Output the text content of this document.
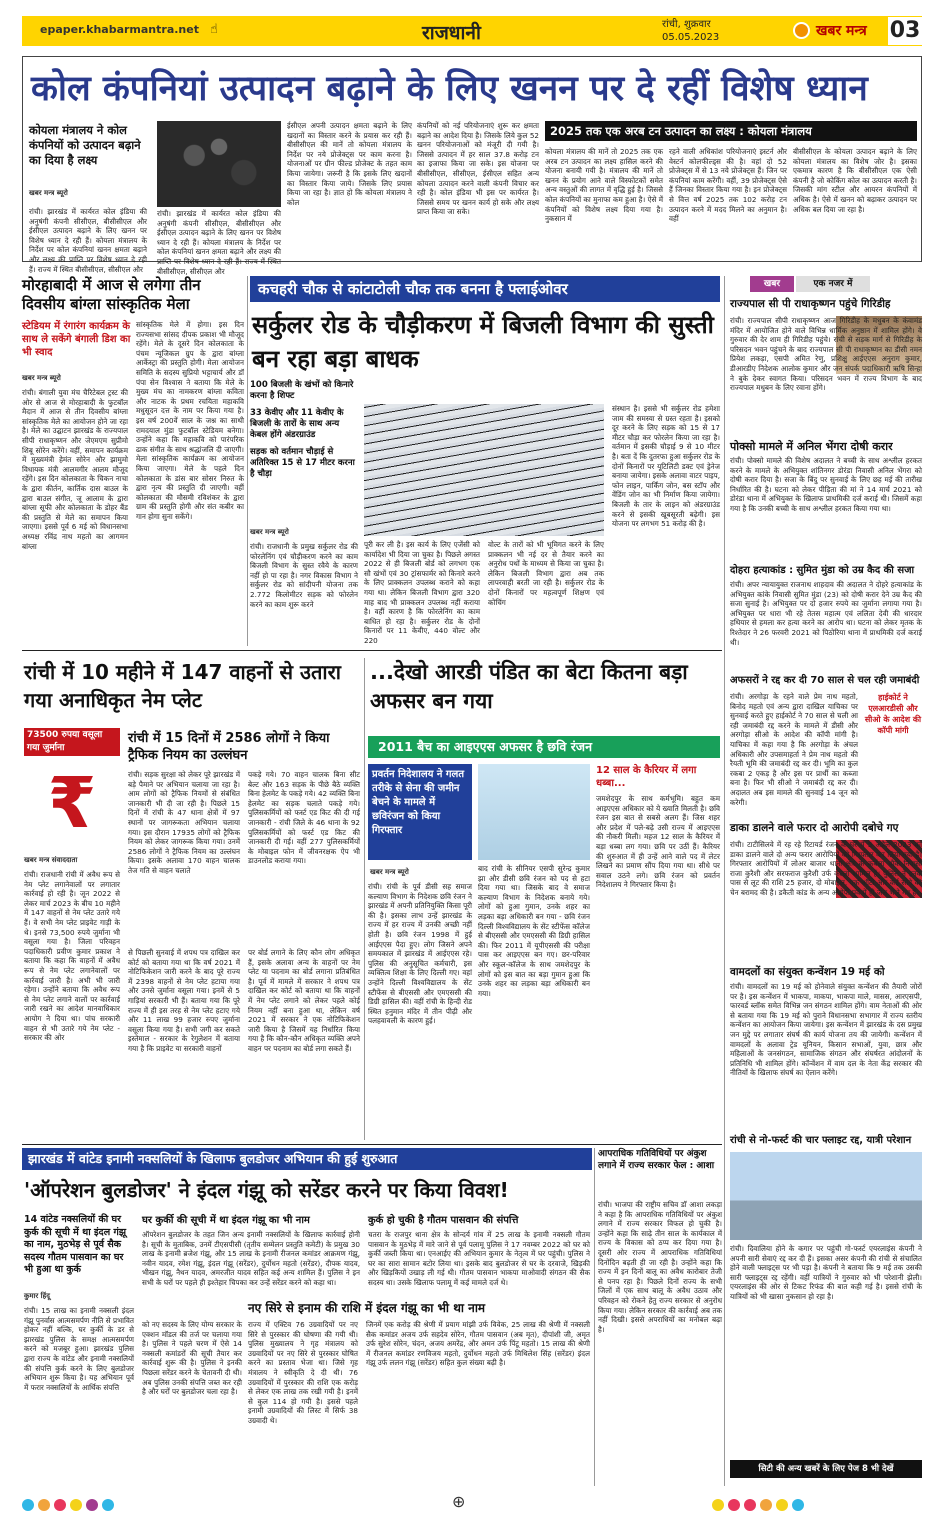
epaper.khabarmantra.net ☝	राजधानी	रांची, शुक्रवार
05.05.2023	खबर मन्त्र 03
कोल कंपनियां उत्पादन बढ़ाने के लिए खनन पर दे रहीं विशेष ध्यान
कोयला मंत्रालय ने कोल कंपनियों को उत्पादन बढ़ाने का दिया है लक्ष्य
खबर मन्त्र ब्यूरो
रांची। झारखंड में कार्यरत कोल इंडिया की अनुषंगी कंपनी सीसीएल, बीसीसीएल और ईसीएल उत्पादन बढ़ाने के लिए खनन पर विशेष ध्यान दे रही हैं। कोयला मंत्रालय के निर्देश पर कोल कंपनियां खनन क्षमता बढ़ाने और लक्ष्य की प्राप्ति पर विशेष ध्यान दे रही हैं। राज्य में स्थित बीसीसीएल, सीसीएल और
रांची। झारखंड में कार्यरत कोल इंडिया की अनुषंगी कंपनी सीसीएल, बीसीसीएल और ईसीएल उत्पादन बढ़ाने के लिए खनन पर विशेष ध्यान दे रही हैं। कोयला मंत्रालय के निर्देश पर कोल कंपनियां खनन क्षमता बढ़ाने और लक्ष्य की प्राप्ति पर विशेष ध्यान दे रही हैं। राज्य में स्थित बीसीसीएल, सीसीएल और
ईसीएल अपनी उत्पादन क्षमता बढ़ाने के लिए खदानों का विस्तार करने के प्रयास कर रही हैं। बीसीसीएल की मानें तो कोयला मंत्रालय के निर्देश पर नये प्रोजेक्ट्स पर काम करना है। योजनाओं पर ग्रीन फील्ड प्रोजेक्ट के तहत काम किया जायेगा। जरूरी है कि इसके लिए खदानों का विस्तार किया जाये। जिसके लिए प्रयास किया जा रहा है। ज्ञात हो कि कोयला मंत्रालय ने कोल
कंपनियों को नई परियोजनाएं शुरू कर क्षमता बढ़ाने का आदेश दिया है। जिसके लिये कुल 52 खनन परियोजनाओं को मंजूरी दी गयी है। जिससे उत्पादन में हर साल 37.8 करोड़ टन का इजाफा किया जा सके। इस योजना पर बीसीसीएल, सीसीएल, ईसीएल सहित अन्य कोयला उत्पादन करने वाली कंपनी विचार कर रही है। कोल इंडिया भी इस पर कार्यरत है। जिससे समय पर खनन कार्य हो सके और लक्ष्य प्राप्त किया जा सके।
2025 तक एक अरब टन उत्पादन का लक्ष्य : कोयला मंत्रालय
कोयला मंत्रालय की मानें तो 2025 तक एक अरब टन उत्पादन का लक्ष्य हासिल करने की योजना बनायी गयी है। मंत्रालय की मानें तो खनन के प्रयोग आने वाले विस्फोटकों समेत अन्य वस्तुओं की लागत में वृद्धि हुई है। जिससे कोल कंपनियों का मुनाफा कम हुआ है। ऐसे में कंपनियों को विशेष लक्ष्य दिया गया है। नुकसान में
रहने वाली अधिकांश परियोजनाएं इस्टर्न और वेस्टर्न कोलफील्ड्स की है। वहां दो 52 प्रोजेक्ट्स में से 13 नये प्रोजेक्ट्स हैं। जिन पर कंपनियां काम करेंगी। वहीं, 39 प्रोजेक्ट्स ऐसे हैं जिनका विस्तार किया गया है। इन प्रोजेक्ट्स से वित्त वर्ष 2025 तक 102 करोड़ टन उत्पादन करने में मदद मिलने का अनुमान है। वहीं
बीसीसीएल के कोयला उत्पादन बढ़ाने के लिए कोयला मंत्रालय का विशेष जोर है। इसका एकमात्र कारण है कि बीसीसीएल एक ऐसी कंपनी है जो कोकिंग कोल का उत्पादन करती है। जिसकी मांग स्टील और आयरन कंपनियों में अधिक है। ऐसे में खनन को बढ़ाकर उत्पादन पर अधिक बल दिया जा रहा है।
मोरहाबादी में आज से लगेगा तीन दिवसीय बांग्ला सांस्कृतिक मेला
स्टेडियम में रंगारंग कार्यक्रम के साथ ले सकेंगे बंगाली डिश का भी स्वाद
खबर मन्त्र ब्यूरो
रांची। बंगाली युवा मंच चैरिटेबल ट्रस्ट की ओर से आज से मोरहाबादी के फुटबॉल मैदान में आज से तीन दिवसीय बांग्ला सांस्कृतिक मेले का आयोजन होने जा रहा है। मेले का उद्घाटन झारखंड के राज्यपाल सीपी राधाकृष्णन और जेएमएम सुप्रीमो शिबू सोरेन करेंगे। वहीं, समापन कार्यक्रम में मुख्यमंत्री हेमंत सोरेन और झामुमो विधायक मंत्री आलमगीर आलम मौजूद रहेंगे। इस दिन कोलकाता के चिकन नाचा के द्वारा कीर्तन, कार्तिक दास बाउल के द्वारा बाउल संगीत, जू आलाम के द्वारा बांग्ला सूफी और कोलकाता के डोहर बैंड की प्रस्तुति से मेले का समापन किया जाएगा। इससे पूर्व 6 मई को विधानसभा अध्यक्ष रविंद्र नाथ महतो का आगमन बांग्ला
सांस्कृतिक मेले में होगा। इस दिन राज्यसभा सांसद दीपक प्रकाश भी मौजूद रहेंगे। मेले के दूसरे दिन कोलकाता के पंचम न्यूजिकल ग्रुप के द्वारा बांग्ला आर्केस्ट्रा की प्रस्तुति होगी। मेला आयोजन समिति के सदस्य सुप्रियो भट्टाचार्य और डॉ पंपा सेन विश्वास ने बताया कि मेले के मुख्य मंच का नामकरण बांग्ला कविता और नाटक के प्रथम रचयिता महाकवि मधुसूदन दत्त के नाम पर किया गया है। इस वर्ष 200वें साल के जश्न का साथी रामदयाल मुंडा फुटबॉल स्टेडियम बनेगा। उन्होंने कहा कि महाकवि को पारंपरिक ढाक संगीत के साथ श्रद्धांजलि दी जाएगी। मेला सांस्कृतिक कार्यक्रम का आयोजन किया जाएगा। मेले के पहले दिन कोलकाता के डांस बार सोसर निरुत के द्वारा नृत्य की प्रस्तुति दी जाएगी। वहीं कोलकाता की मौसमी रविशंकर के द्वारा ग्राम की प्रस्तुति होगी और संत कबीर का गान होगा सुना सकेंगे।
कचहरी चौक से कांटाटोली चौक तक बनना है फ्लाईओवर
सर्कुलर रोड के चौड़ीकरण में बिजली विभाग की सुस्ती बन रहा बड़ा बाधक
100 बिजली के खंभों को किनारे करना है शिफ्ट
33 केवीए और 11 केवीए के बिजली के तारों के साथ अन्य केबल होंगे अंडरग्राउंड
सड़क को वर्तमान चौड़ाई से अतिरिक्त 15 से 17 मीटर करना है चौड़ा
खबर मन्त्र ब्यूरो
रांची। राजधानी के प्रमुख सर्कुलर रोड की फोरलेनिंग एवं चौड़ीकरण करने का काम बिजली विभाग के सुस्त रवैये के कारण नहीं हो पा रहा है। नगर विकास विभाग ने सर्कुलर रोड को सांदीपनी योजना तक 2.772 किलोमीटर सड़क को फोरलेन करने का काम शुरू करने
पूरी कर ली है। इस कार्य के लिए एजेंसी को कार्यादेश भी दिया जा चुका है। पिछले अगस्त 2022 से ही बिजली बोर्ड को लगभग एक सौ खंभों एवं 30 ट्रांसफार्मर को किनारे करने के लिए प्राक्कलन उपलब्ध कराने को कहा गया था। लेकिन बिजली विभाग द्वारा 320 माह बाद भी प्राक्कलन उपलब्ध नहीं कराया है। वहीं कारण है कि फोरलेनिंग का काम बाधित हो रहा है। सर्कुलर रोड के दोनों किनारों पर 11 केवीए, 440 वोल्ट और 220
वोल्ट के तारों को भी भूमिगत करने के लिए प्राक्कलन भी नई दर से तैयार करने का अनुरोध पथों के माध्यम से किया जा चुका है। लेकिन बिजली विभाग द्वारा अब तक लापरवाही बरती जा रही है। सर्कुलर रोड के दोनों किनारों पर महत्वपूर्ण शिक्षण एवं कोचिंग
संस्थान है। इससे भी सर्कुलर रोड हमेशा जाम की समस्या से ग्रस्त रहता है। इसको दूर करने के लिए सड़क को 15 से 17 मीटर चौड़ा कर फोरलेन किया जा रहा है। वर्तमान में इसकी चौड़ाई 9 से 10 मीटर है। बता दें कि दुतरफा हुआ सर्कुलर रोड के दोनों किनारों पर यूटिलिटी डक्ट एवं ड्रेनेज बनाया जायेगा। इसके अलावा वाटर पाइप, फोन लाइन, पार्किंग जोन, बस स्टॉप और वेंडिंग जोन का भी निर्माण किया जायेगा। बिजली के तार के लाइन को अंडरग्राउंड करने से इसकी खूबसूरती बढ़ेगी। इस योजना पर लगभग 51 करोड़ की है।
खबर	एक नजर में
राज्यपाल सी पी राधाकृष्णन पहुंचे गिरिडीह
रांची। राज्यपाल सीपी राधाकृष्णन आज गिरिडीह के मधुबन के कंवामंड मंदिर में आयोजित होने वाले विभिन्न धार्मिक अनुष्ठान में शामिल होंगे। वे गुरुवार की देर शाम ही गिरिडीह पहुंचे। रांची से सड़क मार्ग से गिरिडीह के परिसदन भवन पहुंचने के बाद राज्यपाल सी पी राधाकृष्णन का डीसी नमन प्रियेश लकड़ा, एसपी अमित रेणु, प्रशिक्षु आईएएस अनुराग कुमार, डीआरडीए निदेशक आलोक कुमार और जन संपर्क पदाधिकारी ऋषि सिन्हा ने बुके देकर स्वागत किया। परिसदन भवन में राज्य विभाग के बाद राज्यपाल मधुबन के लिए रवाना होंगे।
पोक्सो मामले में अनिल भेंगरा दोषी करार
रांची। पोक्सो मामले की विशेष अदालत ने बच्ची के साथ अश्लील हरकत करने के मामले के अभियुक्त शांतिनगर डोरंडा निवासी अनिल भेंगरा को दोषी करार दिया है। सजा के बिंदु पर सुनवाई के लिए छह मई की तारीख निर्धारित की है। घटना को लेकर पीड़िता की मां ने 14 मार्च 2021 को डोरंडा थाना में अभियुक्त के खिलाफ प्राथमिकी दर्ज कराई थी। जिसमें कहा गया है कि उनकी बच्ची के साथ अश्लील हरकत किया गया था।
दोहरा हत्याकांड : सुमित मुंडा को उम्र कैद की सजा
रांची। अपर न्यायायुक्त राजनाथ शाहदाव की अदालत ने दोहरे हत्याकांड के अभियुक्त कांके निवासी सुमित मुंडा (23) को दोषी करार देने उम्र कैद की सजा सुनाई है। अभियुक्त पर दो हजार रुपये का जुर्माना लगाया गया है। अभियुक्त पर धारा भी रहे तेतस महात्म एवं ललिता देवी की धारदार हथियार से हमला कर हत्या करने का आरोप था। घटना को लेकर मृतक के रिश्तेदार ने 26 फरवरी 2021 को पिठोरिया थाना में प्राथमिकी दर्ज कराई थी।
अफसरों ने रद्द कर दी 70 साल से चल रही जमाबंदी
हाईकोर्ट ने एलआरडीसी और सीओ के आदेश की कॉपी मांगी
रांची। अरगोड़ा के रहने वाले प्रेम नाथ महतो, बिनोद महतो एवं अन्य द्वारा दाखिल याचिका पर सुनवाई करते हुए हाईकोर्ट ने 70 साल से चली आ रही जमाबंदी रद्द करने के मामले में डीसी और अरगोड़ा सीओ के आदेश की कॉपी मांगी है। याचिका में कहा गया है कि अरगोड़ा के अंचल अधिकारी और उपसमाहर्ता ने प्रेम नाथ महतो की रैयती भूमि की जमाबंदी रद्द कर दी। भूमि का कुल रकबा 2 एकड़ है और इस पर प्रार्थी का कब्जा बना है। फिर भी सीओ ने जमाबंदी रद्द कर दी। अदालत अब इस मामले की सुनवाई 14 जून को करेगी।
डाका डालने वाले फरार दो आरोपी दबोचे गए
रांची। टाटीसिलवे में रह रहे रिटायर्ड रंजन के घर में 5 अप्रैल 2023 को डाका डालने वाले दो अन्य फरार आरोपियों को गिरफ्तार कर लिया गया है। गिरफ्तार आरोपियों में लोअर बाजार थाना क्षेत्र के कर्बला चौक निवासी राजा कुरैशी और सरफराज कुरैशी उर्फ कल्लो शामिल हैं। पुलिस ने इनके पास से लूट की राशि 25 हजार, दो मोबाइल, एक ऑटो और कई सोने की चेन बरामद की है। डकैती कांड के अन्य आरोपी पूर्व में ही जेल भेजे गए हैं।
वामदलों का संयुक्त कन्वेंशन 19 मई को
रांची। वामदलों का 19 मई को होनेवाले संयुक्त कन्वेंशन की तैयारी जोरों पर है। इस कन्वेंशन में भाकपा, माकपा, भाकपा माले, मासस, आरएसपी, फारवर्ड ब्लॉक समेत विभिन्न जन संगठन शामिल होंगे। वाम नेताओं की ओर से बताया गया कि 19 मई को पुराने विधानसभा सभागार में राज्य स्तरीय कन्वेंशन का आयोजन किया जायेगा। इस कन्वेंशन में झारखंड के दस प्रमुख जन मुद्दे पर लगातार संघर्ष की कार्य योजना तय की जायेगी। कन्वेंशन में वामदलों के अलावा ट्रेड यूनियन, किसान सभाओं, युवा, छात्र और महिलाओं के जनसंगठन, सामाजिक संगठन और संघर्षरत आंदोलनों के प्रतिनिधि भी शामिल होंगे। कॉन्वेंशन में वाम दल के नेता केंद्र सरकार की नीतियों के खिलाफ संघर्ष का ऐलान करेंगे।
रांची से नो-फर्स्ट की चार फ्लाइट रद्द, यात्री परेशान
रांची। दिवालिया होने के कगार पर पहुंची गो-फर्स्ट एयरलाइंस कंपनी ने अपनी सारी सेवाएं रद्द कर दी हैं। इसका असर कंपनी की रांची से संचालित होने वाली फ्लाइट्स पर भी पड़ा है। कंपनी ने बताया कि 9 मई तक उसकी सारी फ्लाइट्स रद्द रहेंगी। वहीं यात्रियों ने गुरुवार को भी परेशानी झेली। एयरलाइंस की ओर से टिकट रिफंड की बात कही गई है। इससे रांची के यात्रियों को भी खासा नुकसान हो रहा है।
सिटी की अन्य खबरें के लिए पेज 8 भी देखें
रांची में 10 महीने में 147 वाहनों से उतारा गया अनाधिकृत नेम प्लेट
73500 रुपया वसूला गया जुर्माना
₹
रांची में 15 दिनों में 2586 लोगों ने किया ट्रैफिक नियम का उल्लंघन
खबर मन्त्र संवाददाता
रांची। राजधानी रांची में अवैध रूप से नेम प्लेट लगानेवालों पर लगातार कार्रवाई हो रही है। जून 2022 से लेकर मार्च 2023 के बीच 10 महीने में 147 वाहनों से नेम प्लेट उतारे गये हैं। वे सभी नेम प्लेट प्राइवेट गाड़ी के थे। इनसे 73,500 रुपये जुर्माना भी वसूला गया है। जिला परिवहन पदाधिकारी प्रवीण कुमार प्रकाश ने बताया कि कहा कि वाहनों में अवैध रूप से नेम प्लेट लगानेवालों पर कार्रवाई जारी है। अभी भी जारी रहेगा। उन्होंने बताया कि अवैध रूप से नेम प्लेट लगाने वालों पर कार्रवाई जारी रखने का आदेश मानवाधिकार आयोग ने दिया था। पांच सरकारी वाहन से भी उतारे गये नेम प्लेट - सरकार की ओर
रांची। सड़क सुरक्षा को लेकर पूरे झारखंड में बड़े पैमाने पर अभियान चलाया जा रहा है। आम लोगों को ट्रैफिक नियमों से संबंधित जानकारी भी दी जा रही है। पिछले 15 दिनों में रांची के 47 थाना क्षेत्रों में 97 स्थानों पर जागरूकता अभियान चलाया गया। इस दौरान 17935 लोगों को ट्रैफिक नियम को लेकर जागरूक किया गया। उनमें 2586 लोगों ने ट्रैफिक नियम का उल्लंघन किया। इसके अलावा 170 वाहन चालक तेज गति से वाहन चलाते
पकड़े गये। 70 वाहन चालक बिना सीट बेल्ट और 163 सड़क के पीछे बैठे व्यक्ति बिना हेलमेट के पकड़े गये। 42 व्यक्ति बिना हेलमेट का सड़क चलाते पकड़े गये। पुलिसकर्मियों को फर्स्ट एड किट की दी गई जानकारी - रांची जिले के 46 थाना के 92 पुलिसकर्मियों को फर्स्ट एड किट की जानकारी दी गई। वहीं 277 पुलिसकर्मियों के मोबाइल फोन में जीवनरक्षक ऐप भी डाउनलोड कराया गया।
से पिछली सुनवाई में शपथ पत्र दाखिल कर कोर्ट को बताया गया था कि वर्ष 2021 में नोटिफिकेशन जारी करने के बाद पूरे राज्य में 2398 वाहनों से नेम प्लेट हटाया गया और उनसे जुर्माना वसूला गया। इनमें से 5 गाड़ियां सरकारी भी हैं। बताया गया कि पूरे राज्य में ही इस तरह से नेम प्लेट हटाए गये और 11 लाख 99 हजार रुपए जुर्माना वसूला किया गया है। सभी जगी कर सकते इस्तेमाल - सरकार के रेगुलेशन में बताया गया है कि प्राइवेट या सरकारी वाहनों
पर बोर्ड लगाने के लिए कौन लोग अधिकृत हैं, इसके अलावा अन्य के वाहनों पर नेम प्लेट या पदनाम का बोर्ड लगाना प्रतिबंधित है। पूर्व में मामले में सरकार ने शपथ पत्र दाखिल कर कोर्ट को बताया था कि वाहनों में नेम प्लेट लगाने को लेकर पहले कोई नियम नहीं बना हुआ था, लेकिन वर्ष 2021 में सरकार ने एक नोटिफिकेशन जारी किया है जिसमें यह निर्धारित किया गया है कि कौन-कौन अधिकृत व्यक्ति अपने वाहन पर पदनाम का बोर्ड लगा सकते हैं।
...देखो आरडी पंडित का बेटा कितना बड़ा अफसर बन गया
2011 बैच का आइएएस अफसर है छवि रंजन
प्रवर्तन निदेशालय ने गलत तरीके से सेना की जमीन बेचने के मामले में छविरंजन को किया गिरफ्तार
12 साल के कैरियर में लगा धब्बा...
खबर मन्त्र ब्यूरो
रांची। रांची के पूर्व डीसी सह समाज कल्याण विभाग के निदेशक छवि रंजन ने झारखंड में अपनी प्रतिनियुक्ति किसा पूरी की है। इसका लाभ उन्हें झारखंड के राज्य में हर राज्य में उनकी अच्छी नहीं होती है। छवि रंजन 1998 में हुई आईएएस पैदा हुए। लोग जिसने अपने समयकाल में झारखंड में आईएएस रहे। पुलिस की अनुसूचित कर्मचारी, इस व्यक्तित्व शिक्षा के लिए दिल्ली गए। वहां उन्होंने दिल्ली विश्वविद्यालय के सेंट स्टीफेंस से बीएससी और एमएससी की डिग्री हासिल की। वहीं रांची के हिन्दी रोड स्थित हनुमान मंदिर में तीन पीढ़ी और पलहवावली के कारण हुई।
बाद रांची के सीनियर एसपी सुरेन्द्र कुमार झा और डीसी छवि रंजन को पद से हटा दिया गया था। जिसके बाद वे समाज कल्याण विभाग के निदेशक बनाये गये। लोगों को हुआ गुमान, उनके शहर का लड़का बड़ा अधिकारी बन गया - छवि रंजन दिल्ली विश्वविद्यालय के सेंट स्टीफेंस कॉलेज से बीएससी और एमएससी की डिग्री हासिल की। फिर 2011 में यूपीएससी की परीक्षा पास कर आइएएस बन गए। छर-परिवार और स्कूल-कॉलेज के साथ जमशेदपुर के लोगों को इस बात का बड़ा गुमान हुआ कि उनके शहर का लड़का बड़ा अधिकारी बन गया।
जमशेदपुर के साथ कर्मभूमि। बहुत कम आइएएस अधिकार को ये ख्याति मिलती है। छवि रंजन इस बात से सबसे अलग हैं। जिस शहर और प्रदेश में पले-बढ़े उसी राज्य में आइएएस की नौकरी मिली। महज 12 साल के कैरियर में बड़ा धब्बा लग गया। छवि पर उठीं हैं। कैरियर की शुरुआत में ही उन्हें आने वाले पद में लेटर लिखने का प्रमाण सौंप दिया गया था। सीधे पर सवाल उठने लगे। छवि रंजन को प्रवर्तन निदेशालय ने गिरफ्तार किया है।
झारखंड में वांटेड इनामी नक्सलियों के खिलाफ बुलडोजर अभियान की हुई शुरुआत
'ऑपरेशन बुलडोजर' ने इंदल गंझू को सरेंडर करने पर किया विवश!
14 वांटेड नक्सलियों की घर कुर्क की सूची में था इंदल गंझू का नाम, मुठभेड़ से पूर्व सैक सदस्य गौतम पासवान का घर भी हुआ था कुर्क
कुमार हिंदू
रांची। 15 लाख का इनामी नक्सली इंदल गंझू पुनर्वास आत्मसमर्पण नीति से प्रभावित होकर नहीं बल्कि, घर कुर्की के डर से झारखंड पुलिस के समक्ष आत्मसमर्पण करने को मजबूर हुआ। झारखंड पुलिस द्वारा राज्य के वांटेड और इनामी नक्सलियों की संपत्ति कुर्क करने के लिए बुलडोजर अभियान शुरू किया है। यह अभियान पूर्व में फरार नक्सलियों के आर्थिक संपत्ति
घर कुर्की की सूची में था इंदल गंझू का भी नाम
ऑपरेशन बुलडोजर के तहत जिन अन्य इनामी नक्सलियों के खिलाफ कार्रवाई होनी है। सूची के मुताबिक, उनमें टीएसपीसी (तृतीय सम्मेलन प्रस्तुति कमेटी) के प्रमुख 30 लाख के इनामी ब्रजेश गंझू, और 15 लाख के इनामी रीजनल कमांडर आक्रमण गंझू, नवीन यादव, रमेश गंझू, इंदल गंझू (सरेंडर), दुर्योधन महतो (सरेंडर), दीपक यादव, भीखन गंझू, नैथन यादव, अमरजीत यादव सहित कई अन्य शामिल हैं। पुलिस ने इन सभी के घरों पर पहले ही इश्तेहार चिपका कर उन्हें सरेंडर करने को कहा था।
कुर्क हो चुकी है गौतम पासवान की संपत्ति
चतरा के राजपुर थाना क्षेत्र के सोन्दर्य गांव में 25 लाख के इनामी नक्सली गौतम पासवान के मुठभेड़ में मारे जाने से पूर्व पलामू पुलिस ने 17 नवम्बर 2022 को घर को कुर्की जब्ती किया था। एनआईए की अभियान कुमार के नेतृत्व में घर पहुंची। पुलिस ने घर का सारा सामान बटोर लिया था। इसके बाद बुलडोजर से घर के दरवाजे, खिड़की और खिड़कियों उखाड़ ली गई थी। गौतम पासवान भाकपा माओवादी संगठन की सैक सदस्य था। उसके खिलाफ पलामू में कई मामले दर्ज थे।
नए सिरे से इनाम की राशि में इंदल गंझू का भी था नाम
को नए सदस्य के लिए योग्य सरकार के एक्शन मॉडल की तर्ज पर चलाया गया है। पुलिस ने पहले चरण में ऐसे 14 नक्सली कमांडरों की सूची तैयार कर कार्रवाई शुरू की है। पुलिस ने इनकी पिछला सरेंडर करने के चेतावनी दी थी। अब पुलिस उनकी संपत्ति जब्त कर रही है और घरों पर बुलडोजर चला रहा है।
राज्य में एक्टिव 76 उग्रवादियों पर नए सिरे से पुरस्कार की घोषणा की गयी थी। पुलिस मुख्यालय ने गृह मंत्रालय को उग्रवादियों पर नए सिरे से पुरस्कार घोषित करने का प्रस्ताव भेजा था। जिसे गृह मंत्रालय ने स्वीकृति दे दी थी। 76 उग्रवादियों में पुरस्कार की राशि एक करोड़ से लेकर एक लाख तक रखी गयी है। इनमें से कुल 114 हो गयी है। इससे पहले इनामी उग्रवादियों की लिस्ट में सिर्फ 38 उग्रवादी थे।
जिनमें एक करोड़ की श्रेणी में प्रयाग मांझी उर्फ विवेक, 25 लाख की श्रेणी में नक्सली सैक कमांडर अजय उर्फ सहदेव सोरेन, गौतम पासवान (अब मृत), दीपांशी जी, अमृत उर्फ सुरेश सोरेन, चंदन, अजय अमरेंद्र, और अमन उर्फ पिंटू महतो। 15 लाख की श्रेणी में रीजनल कमांडर रणविजय महतो, दुर्योधन महतो उर्फ मिथिलेश सिंह (सरेंडर) इंदल गंझू उर्फ ललन गंझू (सरेंडर) सहित कुल संख्या बढ़ी है।
आपराधिक गतिविधियों पर अंकुश लगाने में राज्य सरकार फेल : आशा
रांची। भाजपा की राष्ट्रीय सचिव डॉ आशा लकड़ा ने कहा है कि आपराधिक गतिविधियों पर अंकुश लगाने में राज्य सरकार विफल हो चुकी है। उन्होंने कहा कि साढ़े तीन साल के कार्यकाल में राज्य के विकास को ठप्प कर दिया गया है। दूसरी ओर राज्य में आपराधिक गतिविधियां दिनोंदिन बढ़ती ही जा रही है। उन्होंने कहा कि राज्य में इन दिनों बालू का अवैध कारोबार तेजी से पनप रहा है। पिछले दिनों राज्य के सभी जिलों में एक साथ बालू के अवैध उठाव और परिवहन को रोकने हेतु राज्य सरकार से अनुरोध किया गया। लेकिन सरकार की कार्रवाई अब तक नहीं दिखी। इससे अपराधियों का मनोबल बढ़ा है।
⊕
